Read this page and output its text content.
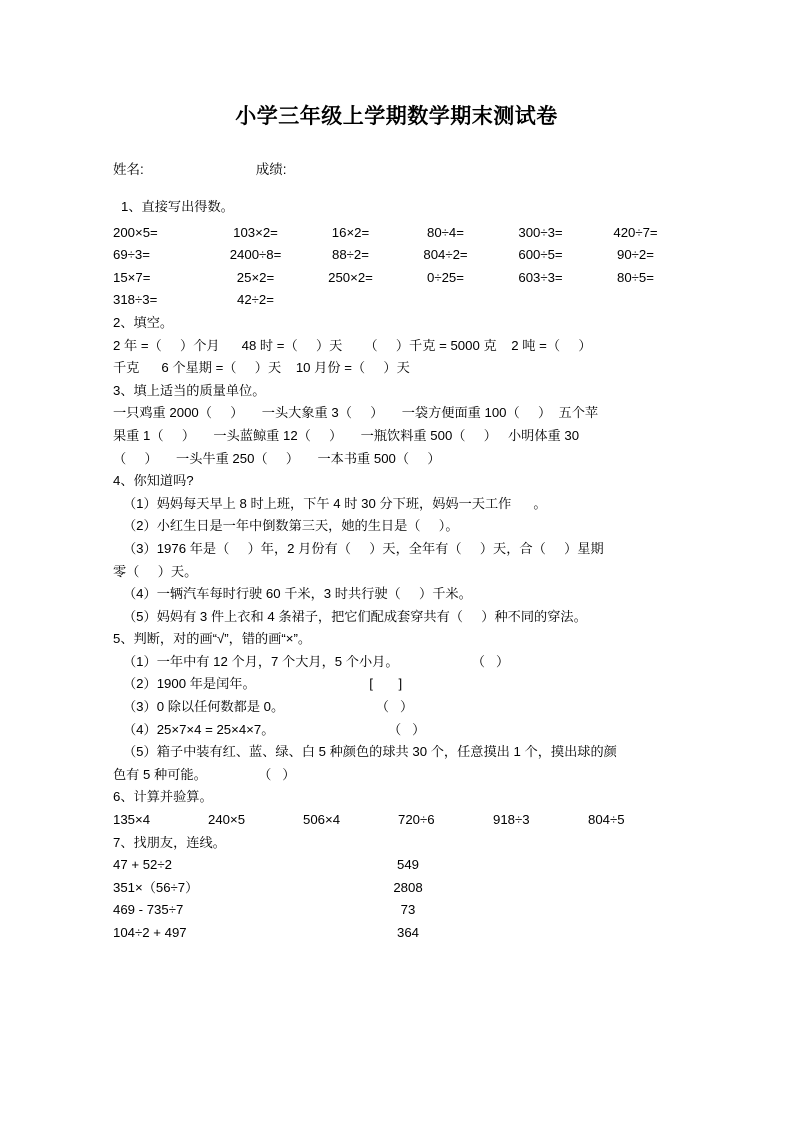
小学三年级上学期数学期末测试卷
姓名:	成绩:
1、直接写出得数。
200×5=	103×2=	16×2=	80÷4=	300÷3=	420÷7=
69÷3=	2400÷8=	88÷2=	804÷2=	600÷5=	90÷2=
15×7=	25×2=	250×2=	0÷25=	603÷3=	80÷5=
318÷3=	42÷2=
2、填空。
2 年 =（     ）个月      48 时 =（     ）天      （     ）千克 = 5000 克    2 吨 =（     ）
千克      6 个星期 =（     ）天    10 月份 =（     ）天
3、填上适当的质量单位。
一只鸡重 2000（     ）     一头大象重 3（     ）     一袋方便面重 100（     ）  五个苹
果重 1（     ）     一头蓝鲸重 12（     ）     一瓶饮料重 500（     ）   小明体重 30
（     ）     一头牛重 250（     ）     一本书重 500（     ）
4、你知道吗?
（1）妈妈每天早上 8 时上班，下午 4 时 30 分下班，妈妈一天工作      。
（2）小红生日是一年中倒数第三天，她的生日是（     ）。
（3）1976 年是（     ）年，2 月份有（     ）天，全年有（     ）天，合（     ）星期
零（     ）天。
（4）一辆汽车每时行驶 60 千米，3 时共行驶（     ）千米。
（5）妈妈有 3 件上衣和 4 条裙子，把它们配成套穿共有（     ）种不同的穿法。
5、判断，对的画“√”，错的画“×”。
（1）一年中有 12 个月，7 个大月，5 个小月。                    （   ）
（2）1900 年是闰年。                               [       ]
（3）0 除以任何数都是 0。                         （   ）
（4）25×7×4 = 25×4×7。                               （   ）
（5）箱子中装有红、蓝、绿、白 5 种颜色的球共 30 个，任意摸出 1 个，摸出球的颜
色有 5 种可能。              （   ）
6、计算并验算。
135×4	240×5	506×4	720÷6	918÷3	804÷5
7、找朋友，连线。
47 + 52÷2	549
351×（56÷7）	2808
469 - 735÷7	73
104÷2 + 497	364
